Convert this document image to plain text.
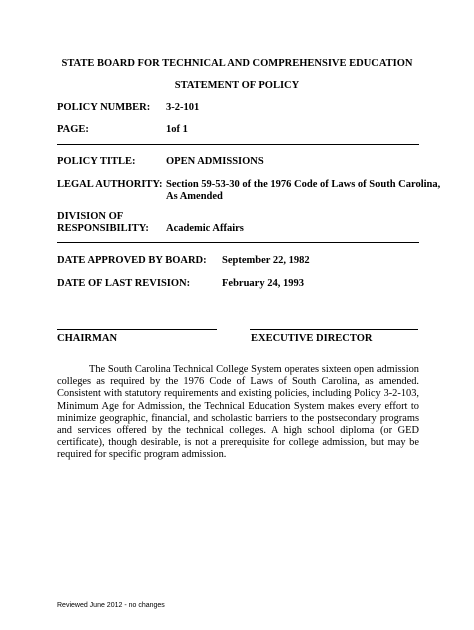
STATE BOARD FOR TECHNICAL AND COMPREHENSIVE EDUCATION
STATEMENT OF POLICY
POLICY NUMBER: 3-2-101
PAGE:	1of 1
POLICY TITLE:	OPEN ADMISSIONS
LEGAL AUTHORITY: Section 59-53-30 of the 1976 Code of Laws of South Carolina,
As Amended
DIVISION OF
RESPONSIBILITY: Academic Affairs
DATE APPROVED BY BOARD: September 22, 1982
DATE OF LAST REVISION:	February 24, 1993
CHAIRMAN	EXECUTIVE DIRECTOR
The South Carolina Technical College System operates sixteen open admission colleges as required by the 1976 Code of Laws of South Carolina, as amended. Consistent with statutory requirements and existing policies, including Policy 3-2-103, Minimum Age for Admission, the Technical Education System makes every effort to minimize geographic, financial, and scholastic barriers to the postsecondary programs and services offered by the technical colleges. A high school diploma (or GED certificate), though desirable, is not a prerequisite for college admission, but may be required for specific program admission.
Reviewed June 2012 - no changes
